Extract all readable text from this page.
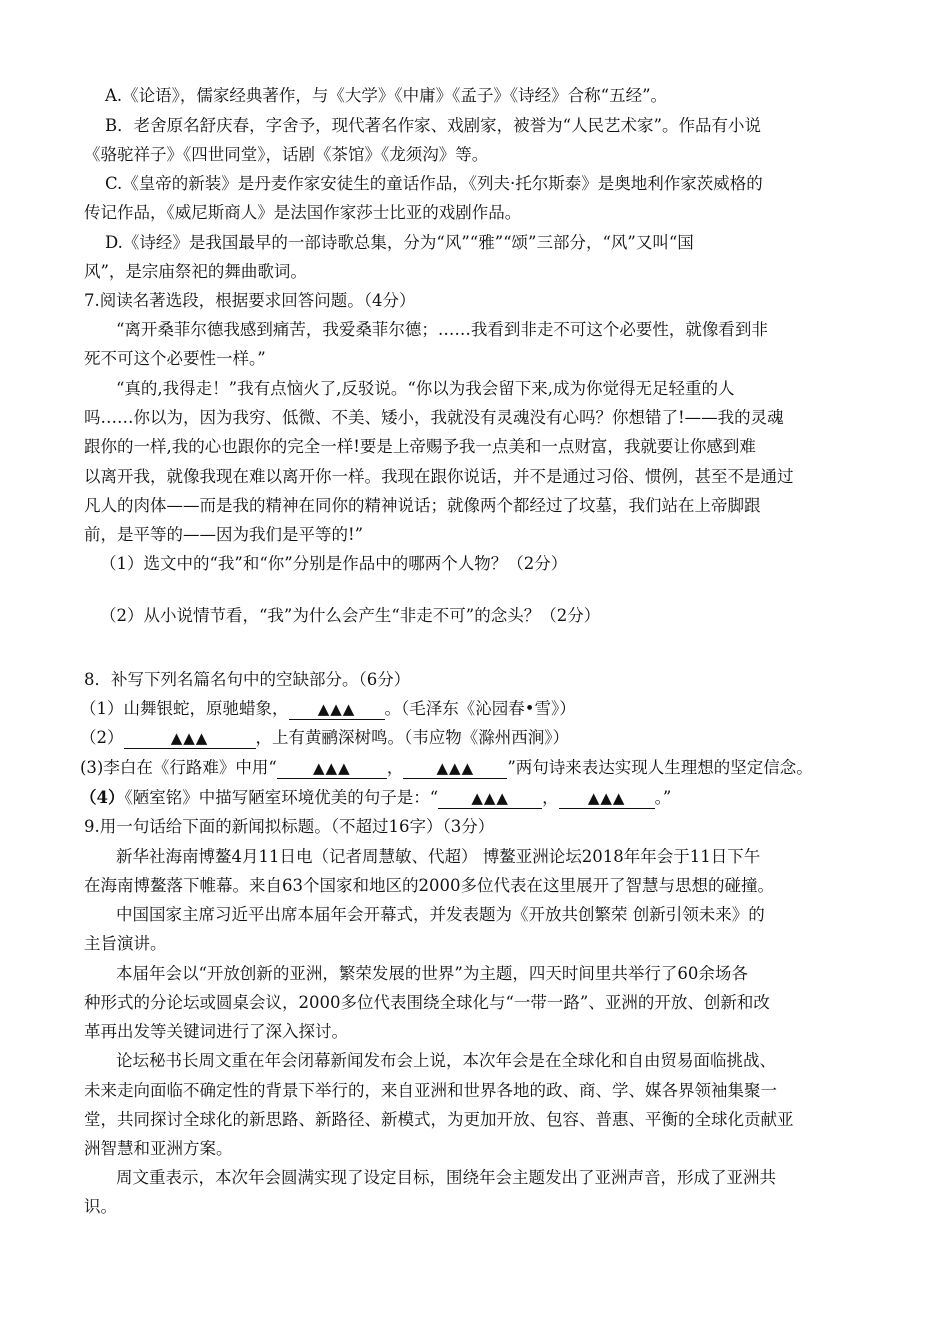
A.《论语》，儒家经典著作，与《大学》《中庸》《孟子》《诗经》合称“五经”。
B．老舍原名舒庆春，字舍予，现代著名作家、戏剧家，被誉为“人民艺术家”。作品有小说
《骆驼祥子》《四世同堂》，话剧《茶馆》《龙须沟》等。
C.《皇帝的新装》是丹麦作家安徒生的童话作品，《列夫·托尔斯泰》是奥地利作家茨威格的
传记作品，《威尼斯商人》是法国作家莎士比亚的戏剧作品。
D.《诗经》是我国最早的一部诗歌总集，分为“风”“雅”“颂”三部分，“风”又叫“国
风”，是宗庙祭祀的舞曲歌词。
7.阅读名著选段，根据要求回答问题。（4分）
“离开桑菲尔德我感到痛苦，我爱桑菲尔德；……我看到非走不可这个必要性，就像看到非
死不可这个必要性一样。”
“真的,我得走！”我有点恼火了,反驳说。“你以为我会留下来,成为你觉得无足轻重的人
吗……你以为，因为我穷、低微、不美、矮小，我就没有灵魂没有心吗？你想错了!——我的灵魂
跟你的一样,我的心也跟你的完全一样!要是上帝赐予我一点美和一点财富，我就要让你感到难
以离开我，就像我现在难以离开你一样。我现在跟你说话，并不是通过习俗、惯例，甚至不是通过
凡人的肉体——而是我的精神在同你的精神说话；就像两个都经过了坟墓，我们站在上帝脚跟
前，是平等的——因为我们是平等的!”
（1）选文中的“我”和“你”分别是作品中的哪两个人物？（2分）
（2）从小说情节看，“我”为什么会产生“非走不可”的念头？（2分）
8．补写下列名篇名句中的空缺部分。（6分）
（1）山舞银蛇，原驰蜡象， ▲▲▲ 。（毛泽东《沁园春•雪》）
（2）	▲▲▲	，上有黄鹂深树鸣。（韦应物《滁州西涧》）
(3)李白在《行路难》中用“ ▲▲▲ ， ▲▲▲ ”两句诗来表达实现人生理想的坚定信念。
（4）《陋室铭》中描写陋室环境优美的句子是：“ ▲▲▲ ， ▲▲▲ 。”
9.用一句话给下面的新闻拟标题。（不超过16字）（3分）
新华社海南博鳌4月11日电（记者周慧敏、代超） 博鳌亚洲论坛2018年年会于11日下午
在海南博鳌落下帷幕。来自63个国家和地区的2000多位代表在这里展开了智慧与思想的碰撞。
中国国家主席习近平出席本届年会开幕式，并发表题为《开放共创繁荣 创新引领未来》的
主旨演讲。
本届年会以“开放创新的亚洲，繁荣发展的世界”为主题，四天时间里共举行了60余场各
种形式的分论坛或圆桌会议，2000多位代表围绕全球化与“一带一路”、亚洲的开放、创新和改
革再出发等关键词进行了深入探讨。
论坛秘书长周文重在年会闭幕新闻发布会上说，本次年会是在全球化和自由贸易面临挑战、
未来走向面临不确定性的背景下举行的，来自亚洲和世界各地的政、商、学、媒各界领袖集聚一
堂，共同探讨全球化的新思路、新路径、新模式，为更加开放、包容、普惠、平衡的全球化贡献亚
洲智慧和亚洲方案。
周文重表示，本次年会圆满实现了设定目标，围绕年会主题发出了亚洲声音，形成了亚洲共
识。
